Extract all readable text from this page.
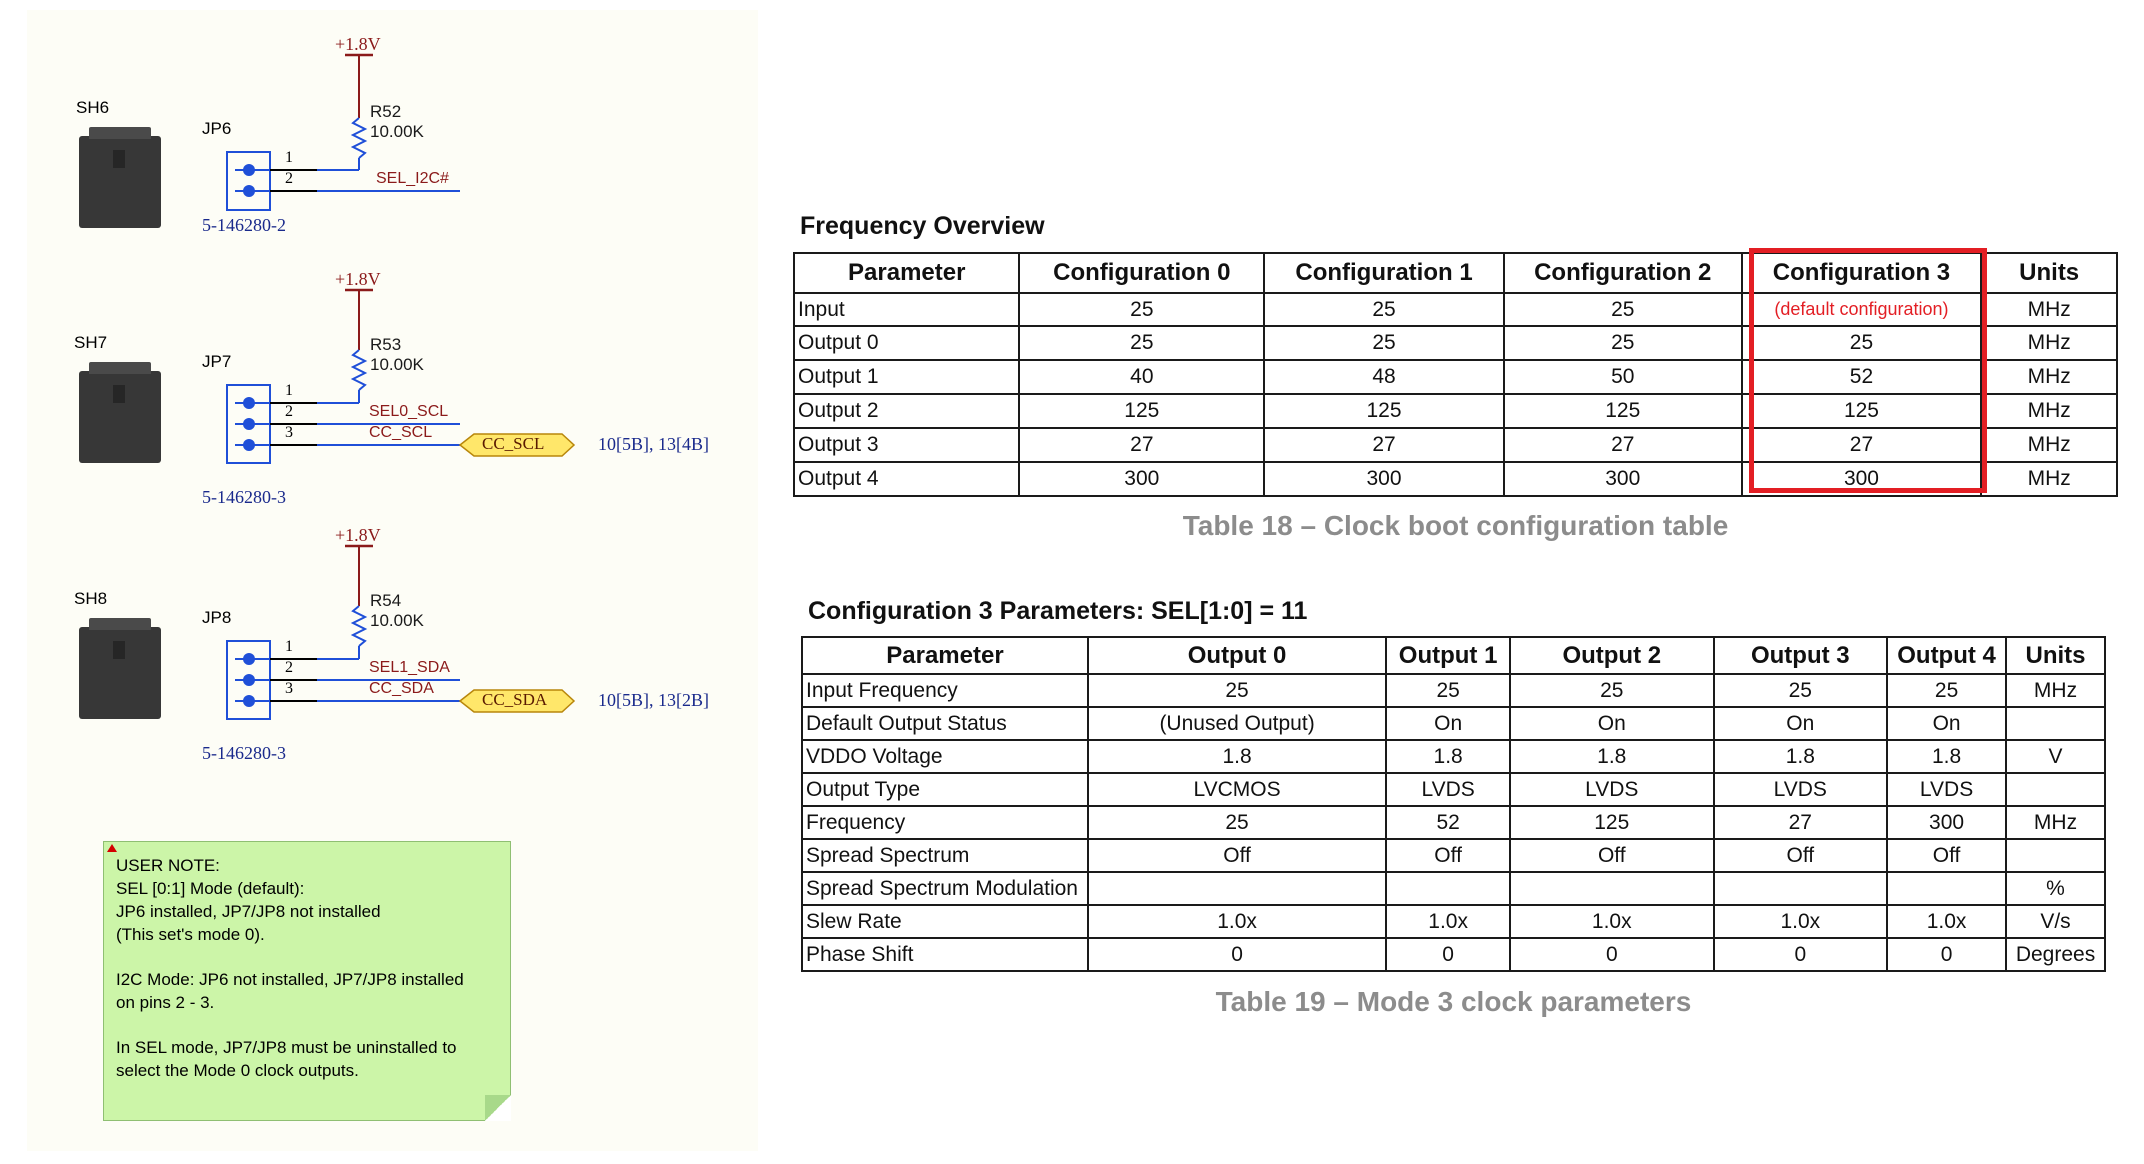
SH6
JP6
+1.8V
R52
10.00K
1
2	SEL_I2C#
5-146280-2
SH7
JP7
+1.8V
R53
10.00K
1
2
3
SEL0_SCL
CC_SCL
CC_SCL	10[5B], 13[4B]
5-146280-3
SH8
JP8
+1.8V
R54
10.00K
1
2
3
SEL1_SDA
CC_SDA
CC_SDA	10[5B], 13[2B]
5-146280-3
USER NOTE:
SEL [0:1] Mode (default):
JP6 installed, JP7/JP8 not installed
(This set's mode 0).
I2C Mode: JP6 not installed, JP7/JP8 installed
on pins 2 - 3.
In SEL mode, JP7/JP8 must be uninstalled to
select the Mode 0 clock outputs.
Frequency Overview
Parameter	Configuration 0	Configuration 1	Configuration 2	Configuration 3	Units
Input	25	25	25	(default configuration)	MHz
Output 0	25	25	25	25	MHz
Output 1	40	48	50	52	MHz
Output 2	125	125	125	125	MHz
Output 3	27	27	27	27	MHz
Output 4	300	300	300	300	MHz
Table 18 – Clock boot configuration table
Configuration 3 Parameters: SEL[1:0] = 11
Parameter	Output 0	Output 1	Output 2	Output 3	Output 4	Units
Input Frequency	25	25	25	25	25	MHz
Default Output Status	(Unused Output)	On	On	On	On	
VDDO Voltage	1.8	1.8	1.8	1.8	1.8	V
Output Type	LVCMOS	LVDS	LVDS	LVDS	LVDS	
Frequency	25	52	125	27	300	MHz
Spread Spectrum	Off	Off	Off	Off	Off	
Spread Spectrum Modulation						%
Slew Rate	1.0x	1.0x	1.0x	1.0x	1.0x	V/s
Phase Shift	0	0	0	0	0	Degrees
Table 19 – Mode 3 clock parameters
